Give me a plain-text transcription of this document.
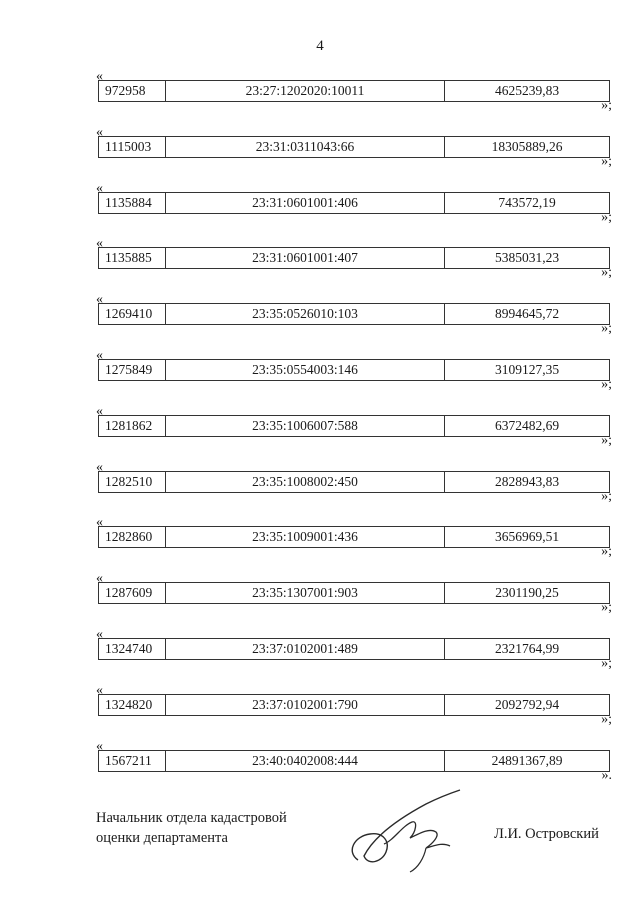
4
«
972958	23:27:1202020:10011	4625239,83
»;
«
1115003	23:31:0311043:66	18305889,26
»;
«
1135884	23:31:0601001:406	743572,19
»;
«
1135885	23:31:0601001:407	5385031,23
»;
«
1269410	23:35:0526010:103	8994645,72
»;
«
1275849	23:35:0554003:146	3109127,35
»;
«
1281862	23:35:1006007:588	6372482,69
»;
«
1282510	23:35:1008002:450	2828943,83
»;
«
1282860	23:35:1009001:436	3656969,51
»;
«
1287609	23:35:1307001:903	2301190,25
»;
«
1324740	23:37:0102001:489	2321764,99
»;
«
1324820	23:37:0102001:790	2092792,94
»;
«
1567211	23:40:0402008:444	24891367,89
».
Начальник отдела кадастровой
оценки департамента	Л.И. Островский
